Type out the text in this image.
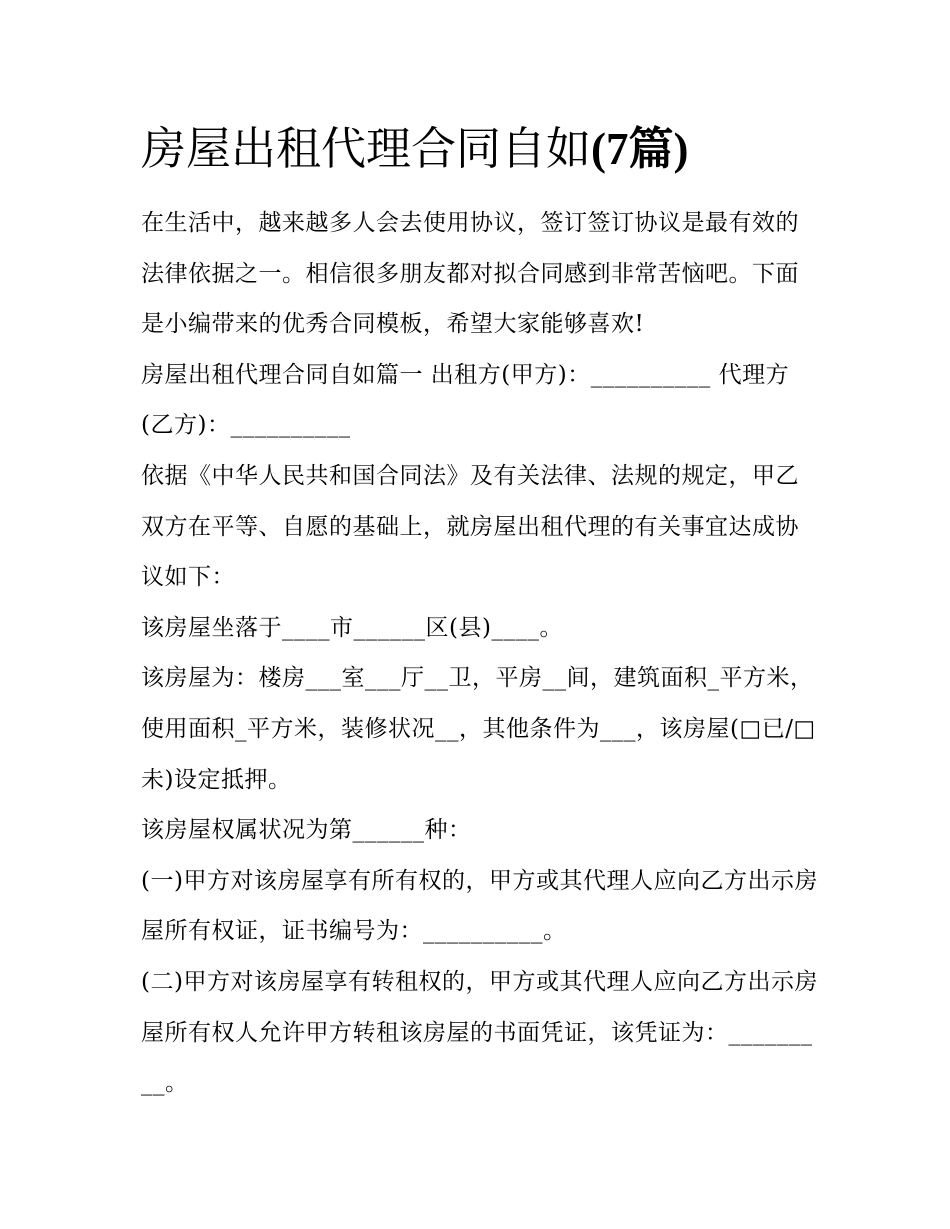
房屋出租代理合同自如(7篇)

在生活中，越来越多人会去使用协议，签订签订协议是最有效的法律依据之一。相信很多朋友都对拟合同感到非常苦恼吧。下面是小编带来的优秀合同模板，希望大家能够喜欢!

房屋出租代理合同自如篇一 出租方(甲方)：__________ 代理方(乙方)：__________

依据《中华人民共和国合同法》及有关法律、法规的规定，甲乙双方在平等、自愿的基础上，就房屋出租代理的有关事宜达成协议如下：

该房屋坐落于____市______区(县)____。

该房屋为：楼房___室___厅__卫，平房__间，建筑面积_平方米，使用面积_平方米，装修状况__，其他条件为___，该房屋(□已/□未)设定抵押。

该房屋权属状况为第______种：

(一)甲方对该房屋享有所有权的，甲方或其代理人应向乙方出示房屋所有权证，证书编号为：__________。

(二)甲方对该房屋享有转租权的，甲方或其代理人应向乙方出示房屋所有权人允许甲方转租该房屋的书面凭证，该凭证为：_________。
